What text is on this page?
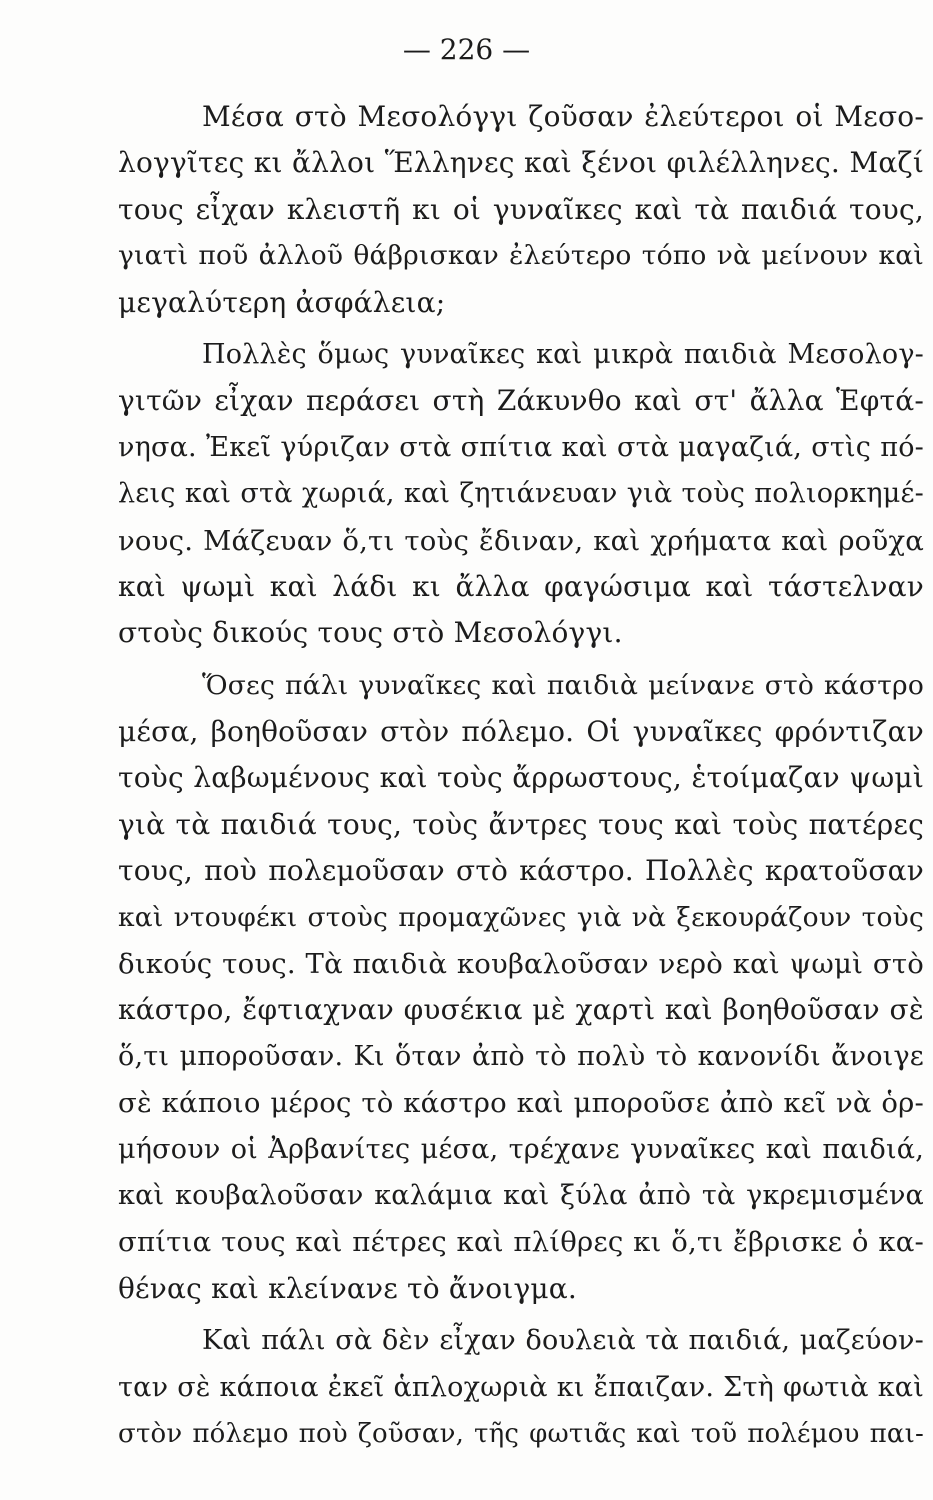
— 226 —
Μέσα στὸ Μεσολόγγι ζοῦσαν ἐλεύτεροι οἱ Μεσο-
λογγῖτες κι ἄλλοι Ἕλληνες καὶ ξένοι φιλέλληνες. Μαζί
τους εἶχαν κλειστῆ κι οἱ γυναῖκες καὶ τὰ παιδιά τους,
γιατὶ ποῦ ἀλλοῦ θάβρισκαν ἐλεύτερο τόπο νὰ μείνουν καὶ
μεγαλύτερη ἀσφάλεια;
Πολλὲς ὅμως γυναῖκες καὶ μικρὰ παιδιὰ Μεσολογ-
γιτῶν εἶχαν περάσει στὴ Ζάκυνθο καὶ στ' ἄλλα Ἑφτά-
νησα. Ἐκεῖ γύριζαν στὰ σπίτια καὶ στὰ μαγαζιά, στὶς πό-
λεις καὶ στὰ χωριά, καὶ ζητιάνευαν γιὰ τοὺς πολιορκημέ-
νους. Μάζευαν ὅ,τι τοὺς ἔδιναν, καὶ χρήματα καὶ ροῦχα
καὶ ψωμὶ καὶ λάδι κι ἄλλα φαγώσιμα καὶ τάστελναν
στοὺς δικούς τους στὸ Μεσολόγγι.
Ὅσες πάλι γυναῖκες καὶ παιδιὰ μείνανε στὸ κάστρο
μέσα, βοηθοῦσαν στὸν πόλεμο. Οἱ γυναῖκες φρόντιζαν
τοὺς λαβωμένους καὶ τοὺς ἄρρωστους, ἑτοίμαζαν ψωμὶ
γιὰ τὰ παιδιά τους, τοὺς ἄντρες τους καὶ τοὺς πατέρες
τους, ποὺ πολεμοῦσαν στὸ κάστρο. Πολλὲς κρατοῦσαν
καὶ ντουφέκι στοὺς προμαχῶνες γιὰ νὰ ξεκουράζουν τοὺς
δικούς τους. Τὰ παιδιὰ κουβαλοῦσαν νερὸ καὶ ψωμὶ στὸ
κάστρο, ἔφτιαχναν φυσέκια μὲ χαρτὶ καὶ βοηθοῦσαν σὲ
ὅ,τι μποροῦσαν. Κι ὅταν ἀπὸ τὸ πολὺ τὸ κανονίδι ἄνοιγε
σὲ κάποιο μέρος τὸ κάστρο καὶ μποροῦσε ἀπὸ κεῖ νὰ ὁρ-
μήσουν οἱ Ἀρβανίτες μέσα, τρέχανε γυναῖκες καὶ παιδιά,
καὶ κουβαλοῦσαν καλάμια καὶ ξύλα ἀπὸ τὰ γκρεμισμένα
σπίτια τους καὶ πέτρες καὶ πλίθρες κι ὅ,τι ἔβρισκε ὁ κα-
θένας καὶ κλείνανε τὸ ἄνοιγμα.
Καὶ πάλι σὰ δὲν εἶχαν δουλειὰ τὰ παιδιά, μαζεύον-
ταν σὲ κάποια ἐκεῖ ἁπλοχωριὰ κι ἔπαιζαν. Στὴ φωτιὰ καὶ
στὸν πόλεμο ποὺ ζοῦσαν, τῆς φωτιᾶς καὶ τοῦ πολέμου παι-
